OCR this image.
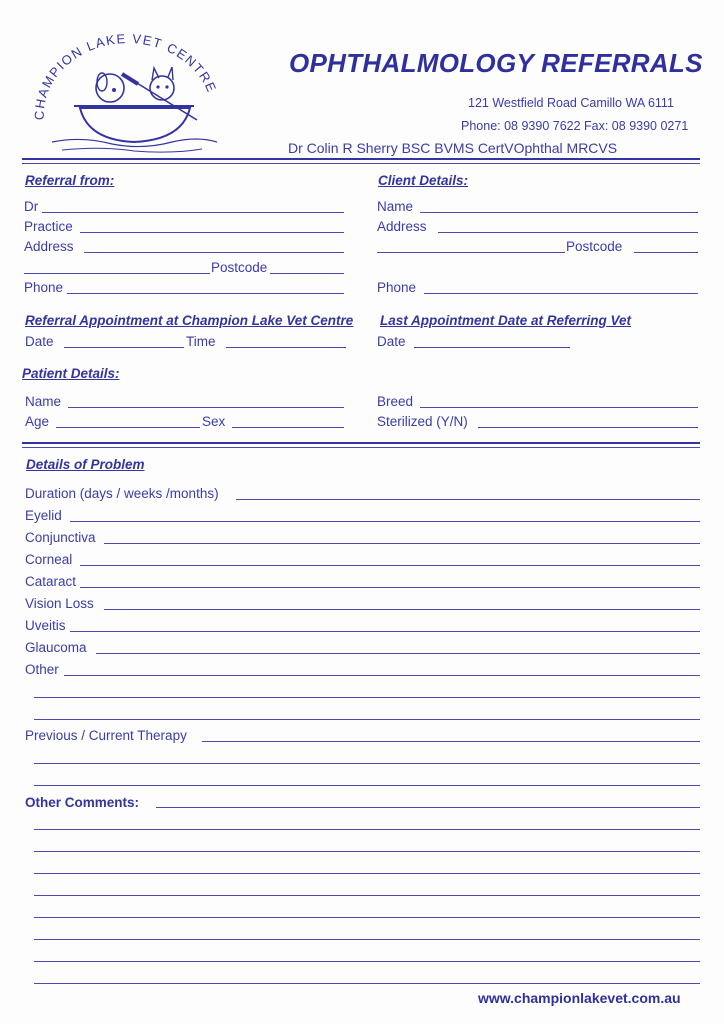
CHAMPION LAKE VET CENTRE
OPHTHALMOLOGY REFERRALS
121 Westfield Road Camillo WA 6111
Phone: 08 9390 7622 Fax: 08 9390 0271
Dr Colin R Sherry BSC BVMS CertVOphthal MRCVS
Referral from:
Dr
Practice
Address
Postcode
Phone
Client Details:
Name
Address
Postcode
Phone
Referral Appointment at Champion Lake Vet Centre
Date	Time
Last Appointment Date at Referring Vet
Date
Patient Details:
Name
Age	Sex
Breed
Sterilized (Y/N)
Details of Problem
Duration (days / weeks /months)
Eyelid
Conjunctiva
Corneal
Cataract
Vision Loss
Uveitis
Glaucoma
Other
Previous / Current Therapy
Other Comments:
www.championlakevet.com.au
